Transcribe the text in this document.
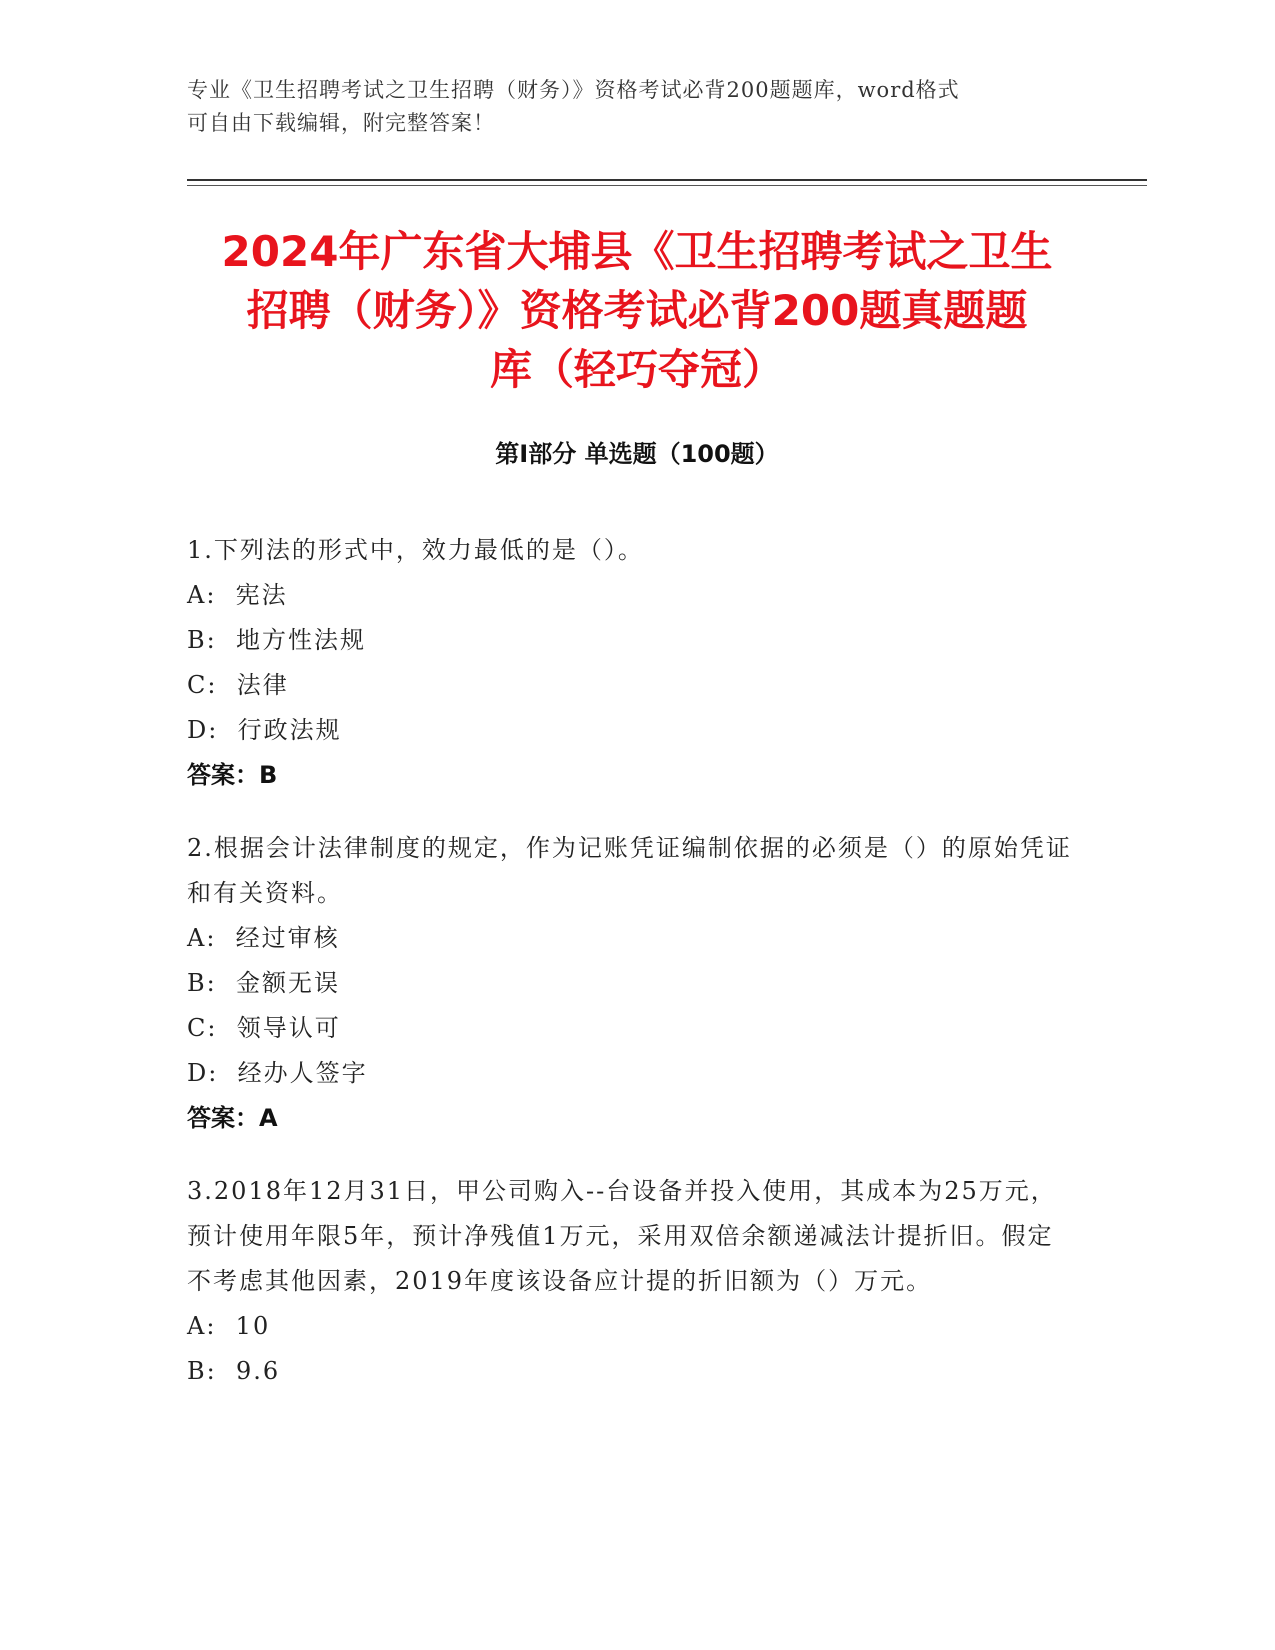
专业《卫生招聘考试之卫生招聘（财务）》资格考试必背200题题库，word格式
可自由下载编辑，附完整答案！
2024年广东省大埔县《卫生招聘考试之卫生
招聘（财务）》资格考试必背200题真题题
库（轻巧夺冠）
第Ⅰ部分 单选题（100题）

1.下列法的形式中，效力最低的是（）。

A:  宪法
B:  地方性法规
C:  法律
D:  行政法规
答案：B

2.根据会计法律制度的规定，作为记账凭证编制依据的必须是（）的原始凭证和有关资料。

A:  经过审核
B:  金额无误
C:  领导认可
D:  经办人签字
答案：A

3.2018年12月31日，甲公司购入--台设备并投入使用，其成本为25万元，预计使用年限5年，预计净残值1万元，采用双倍余额递减法计提折旧。假定不考虑其他因素，2019年度该设备应计提的折旧额为（）万元。

A:  10
B:  9.6
